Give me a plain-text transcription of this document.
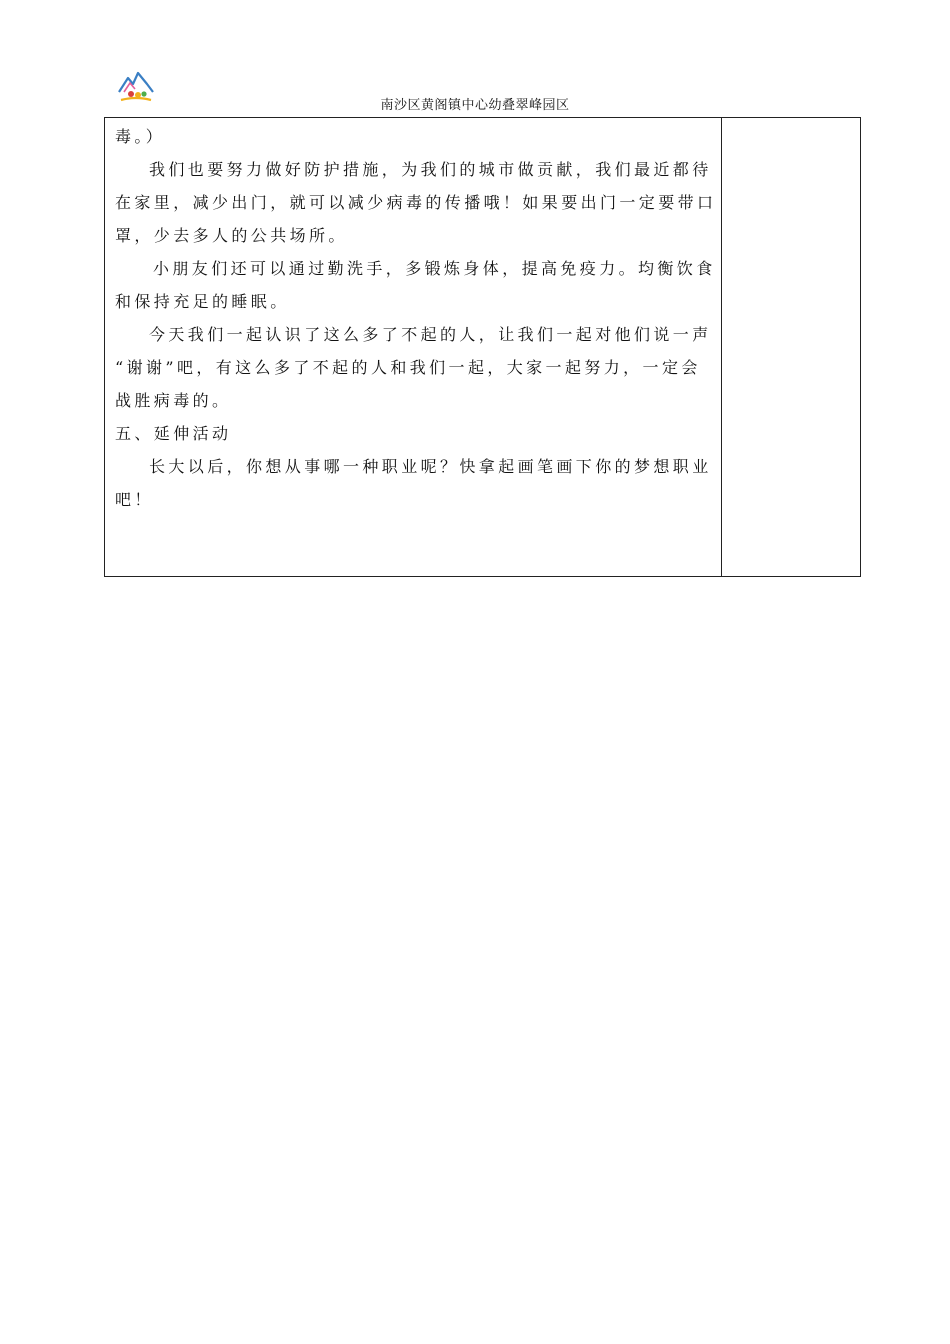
南沙区黄阁镇中心幼叠翠峰园区
毒。）
我们也要努力做好防护措施，为我们的城市做贡献，我们最近都待
在家里，减少出门，就可以减少病毒的传播哦！如果要出门一定要带口
罩，少去多人的公共场所。
小朋友们还可以通过勤洗手，多锻炼身体，提高免疫力。均衡饮食
和保持充足的睡眠。
今天我们一起认识了这么多了不起的人，让我们一起对他们说一声
“谢谢”吧，有这么多了不起的人和我们一起，大家一起努力，一定会
战胜病毒的。
五、延伸活动
长大以后，你想从事哪一种职业呢？快拿起画笔画下你的梦想职业
吧！
